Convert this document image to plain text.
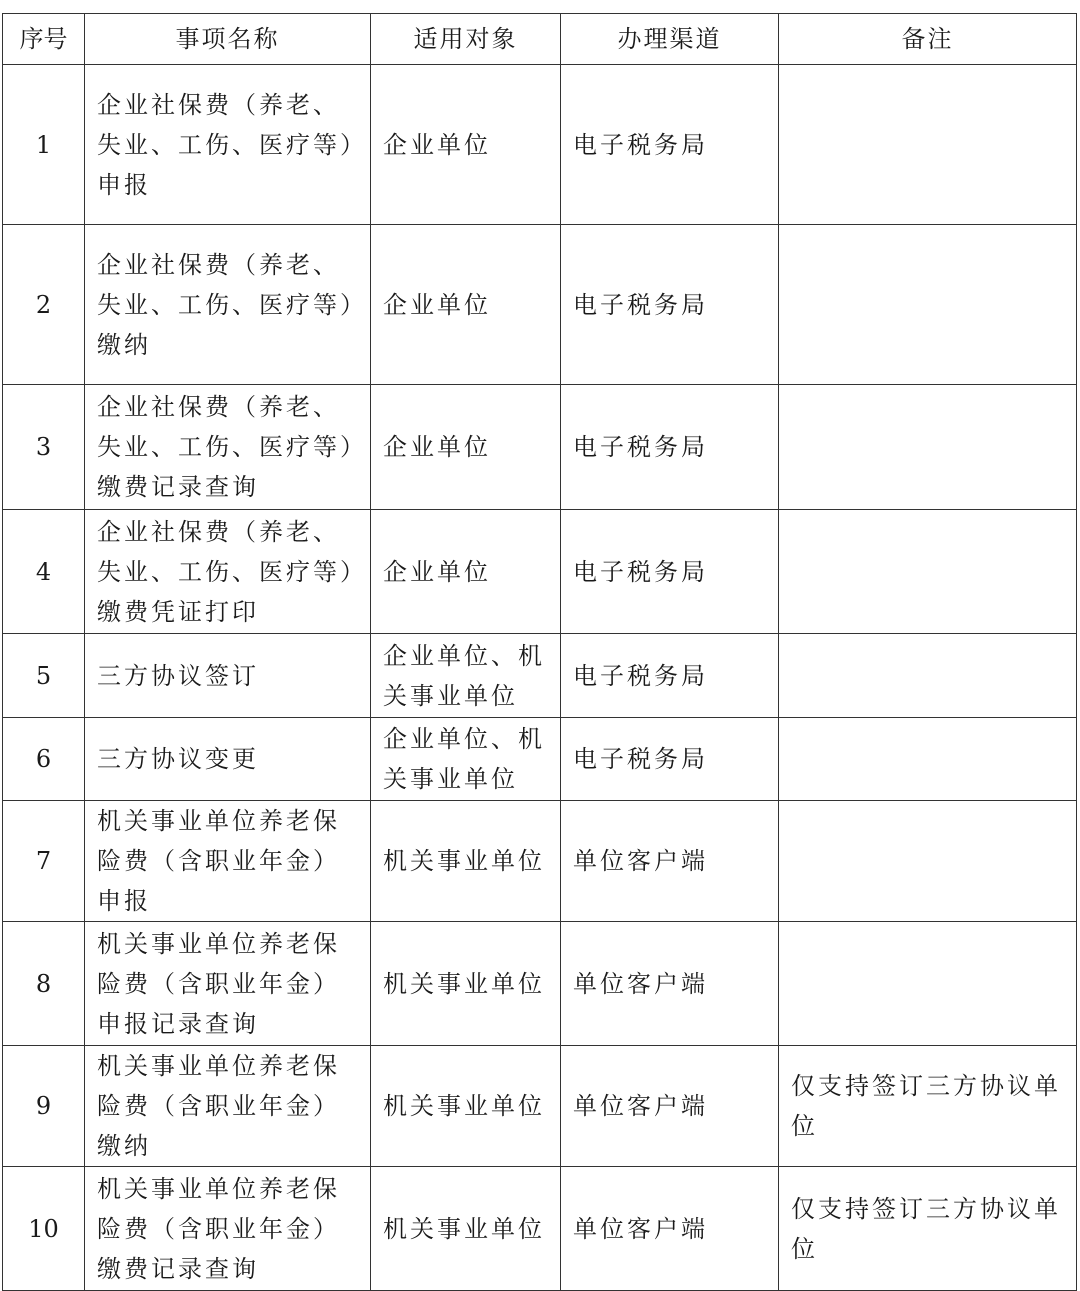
序号	事项名称	适用对象	办理渠道	备注
1	企业社保费（养老、失业、工伤、医疗等）申报	企业单位	电子税务局	
2	企业社保费（养老、失业、工伤、医疗等）缴纳	企业单位	电子税务局	
3	企业社保费（养老、失业、工伤、医疗等）缴费记录查询	企业单位	电子税务局	
4	企业社保费（养老、失业、工伤、医疗等）缴费凭证打印	企业单位	电子税务局	
5	三方协议签订	企业单位、机关事业单位	电子税务局	
6	三方协议变更	企业单位、机关事业单位	电子税务局	
7	机关事业单位养老保险费（含职业年金）申报	机关事业单位	单位客户端	
8	机关事业单位养老保险费（含职业年金）申报记录查询	机关事业单位	单位客户端	
9	机关事业单位养老保险费（含职业年金）缴纳	机关事业单位	单位客户端	仅支持签订三方协议单位
10	机关事业单位养老保险费（含职业年金）缴费记录查询	机关事业单位	单位客户端	仅支持签订三方协议单位
